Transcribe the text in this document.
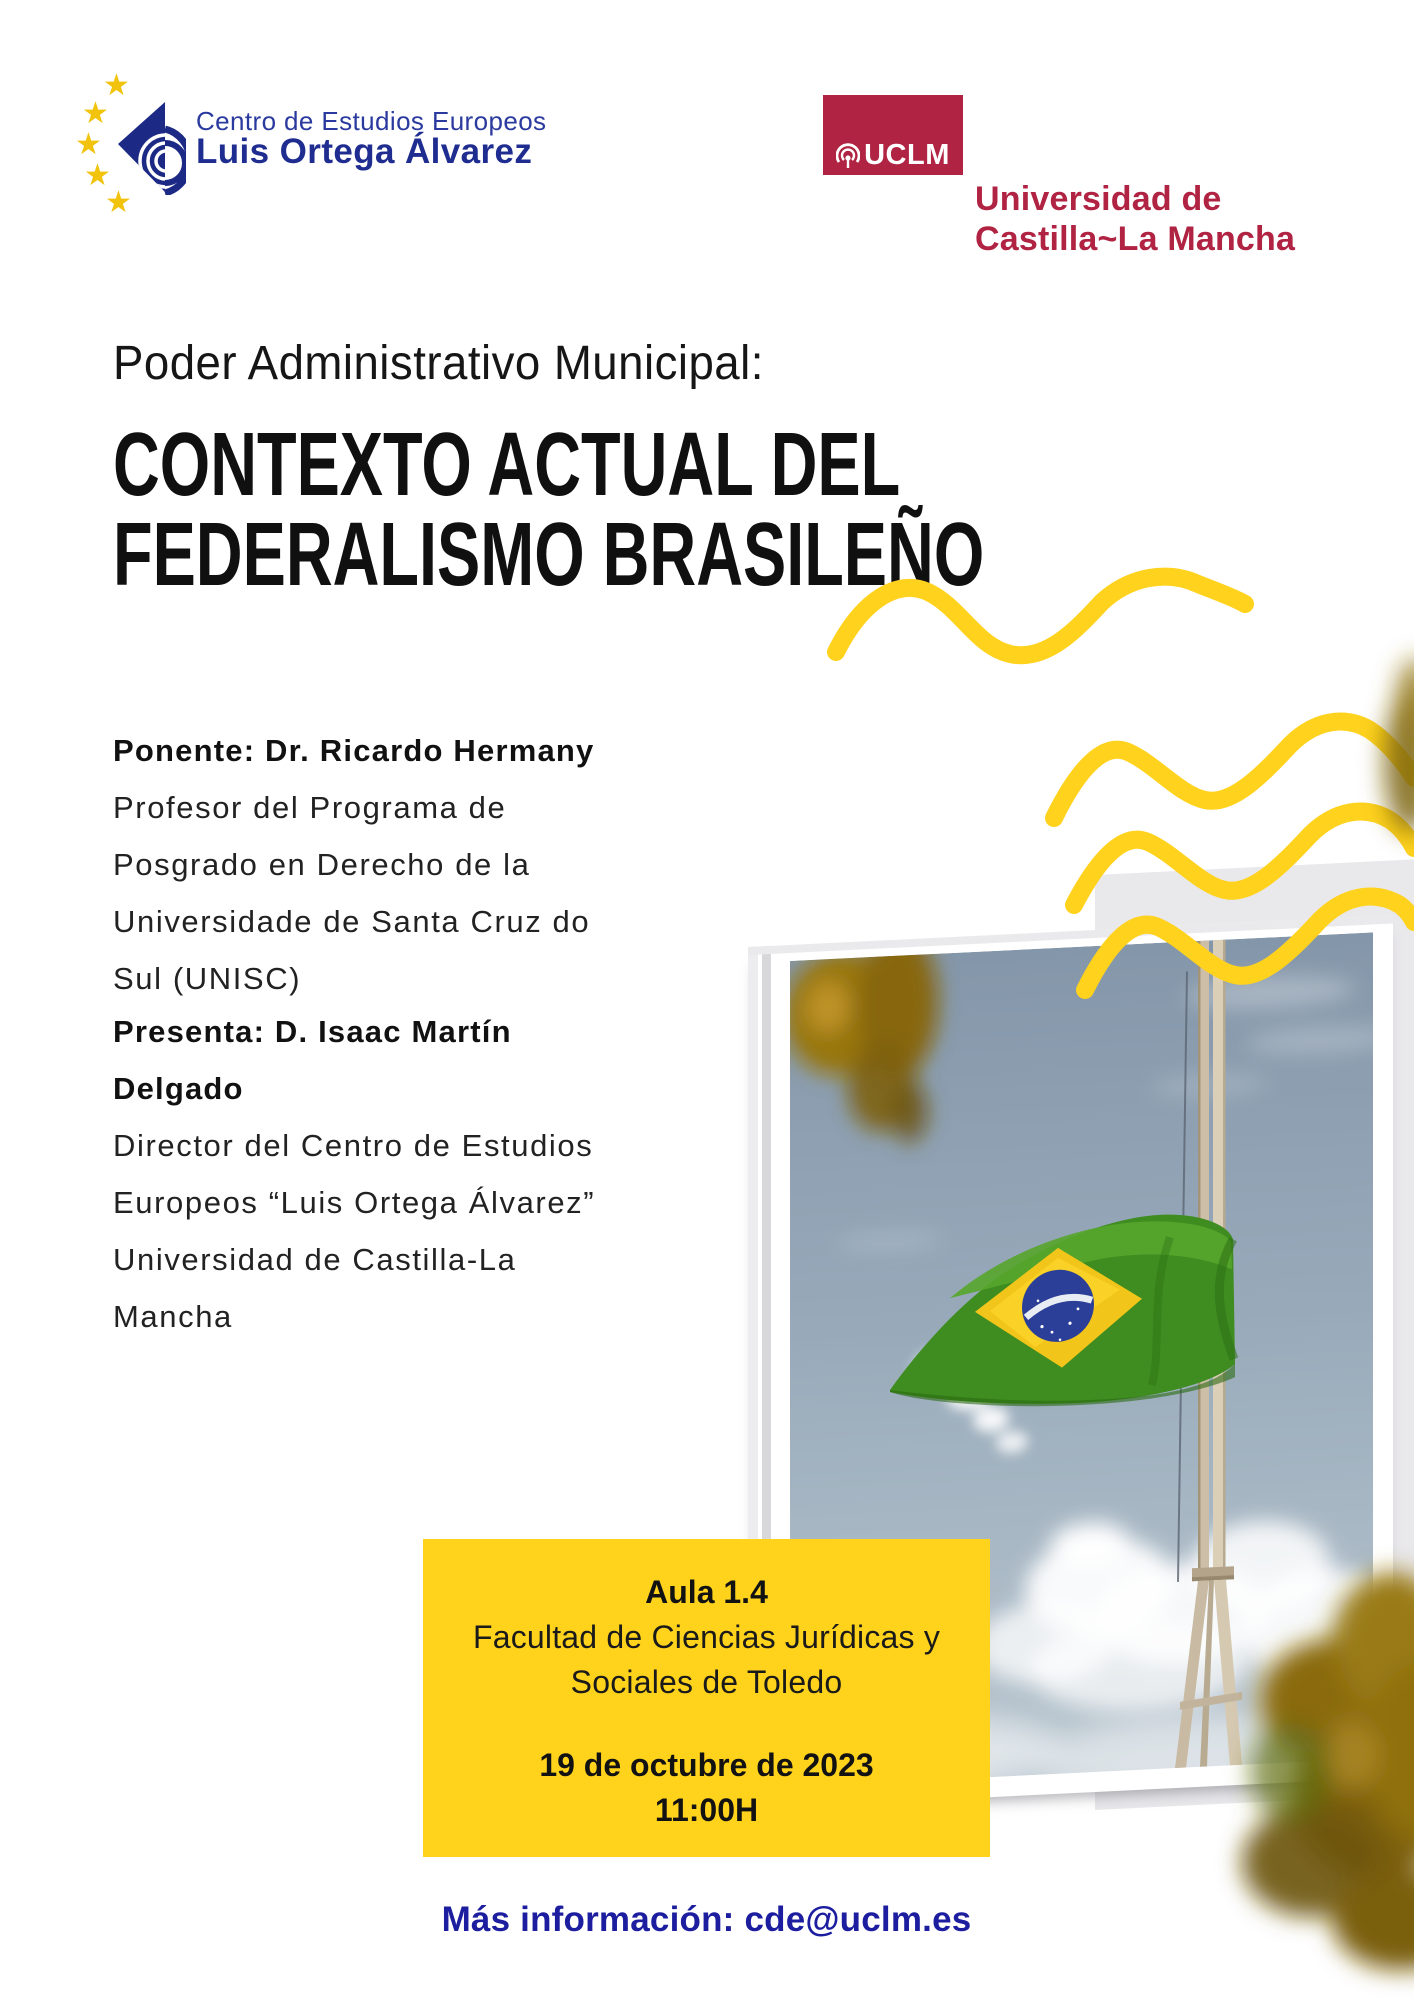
★
★
★
★
★
Centro de Estudios Europeos
Luis Ortega Álvarez	UCLM
Universidad de
Castilla~La Mancha
Poder Administrativo Municipal:
CONTEXTO ACTUAL DEL
FEDERALISMO BRASILEÑO
Ponente: Dr. Ricardo Hermany
Profesor del Programa de
Posgrado en Derecho de la
Universidade de Santa Cruz do
Sul (UNISC)
Presenta: D. Isaac Martín
Delgado
Director del Centro de Estudios
Europeos “Luis Ortega Álvarez”
Universidad de Castilla-La
Mancha
Aula 1.4
Facultad de Ciencias Jurídicas y
Sociales de Toledo
19 de octubre de 2023
11:00H
Más información: cde@uclm.es
